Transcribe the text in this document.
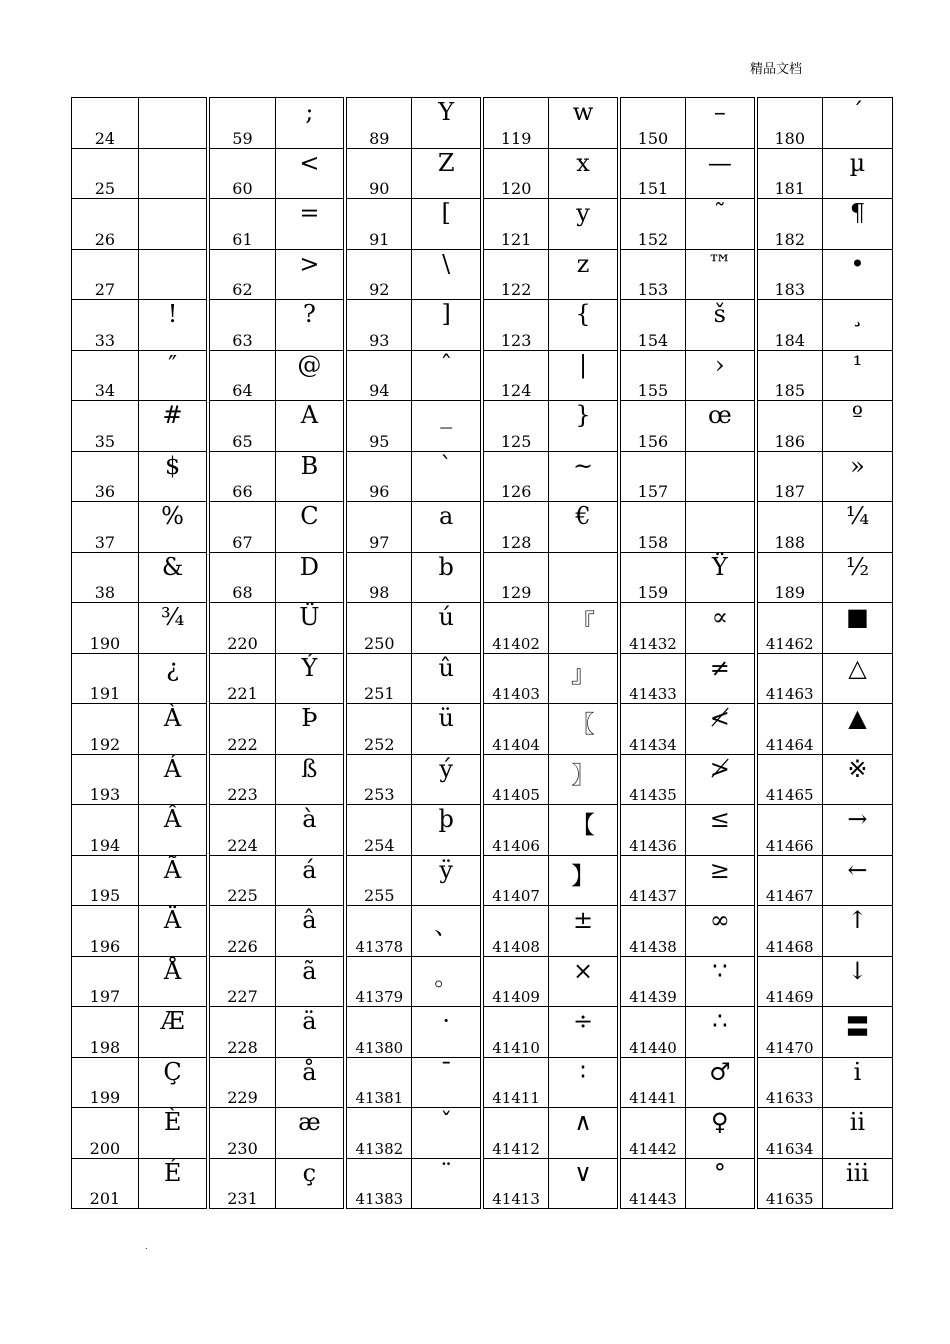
精品文档
24		59	;	89	Y	119	w	150	–	180	´
25		60	<	90	Z	120	x	151	—	181	µ
26		61	=	91	[	121	y	152	˜	182	¶
27		62	>	92	\	122	z	153	™	183	•
33	!	63	?	93	]	123	{	154	š	184	¸
34	″	64	@	94	ˆ	124	|	155	›	185	¹
35	#	65	A	95	_	125	}	156	œ	186	º
36	$	66	B	96	`	126	~	157		187	»
37	%	67	C	97	a	128	€	158		188	¼
38	&	68	D	98	b	129		159	Ÿ	189	½
190	¾	220	Ü	250	ú	41402	『	41432	∝	41462	■
191	¿	221	Ý	251	û	41403	』	41433	≠	41463	△
192	À	222	Þ	252	ü	41404	〖	41434	≮	41464	▲
193	Á	223	ß	253	ý	41405	〗	41435	≯	41465	※
194	Â	224	à	254	þ	41406	【	41436	≤	41466	→
195	Ã	225	á	255	ÿ	41407	】	41437	≥	41467	←
196	Ä	226	â	41378	、	41408	±	41438	∞	41468	↑
197	Å	227	ã	41379	。	41409	×	41439	∵	41469	↓
198	Æ	228	ä	41380	·	41410	÷	41440	∴	41470	〓
199	Ç	229	å	41381	ˉ	41411	∶	41441	♂	41633	ⅰ
200	È	230	æ	41382	ˇ	41412	∧	41442	♀	41634	ⅱ
201	É	231	ç	41383	¨	41413	∨	41443	°	41635	ⅲ
.
